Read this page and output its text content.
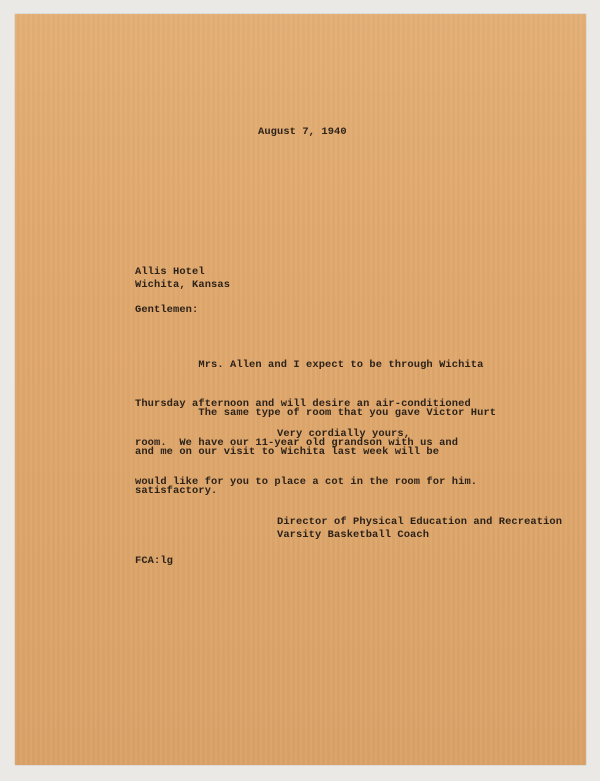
August 7, 1940

Allis Hotel

Wichita, Kansas

Gentlemen:

Mrs. Allen and I expect to be through Wichita

Thursday afternoon and will desire an air-conditioned

room.  We have our 11-year old grandson with us and

would like for you to place a cot in the room for him.

The same type of room that you gave Victor Hurt

and me on our visit to Wichita last week will be

satisfactory.

Very cordially yours,

Director of Physical Education and Recreation

Varsity Basketball Coach

FCA:lg
